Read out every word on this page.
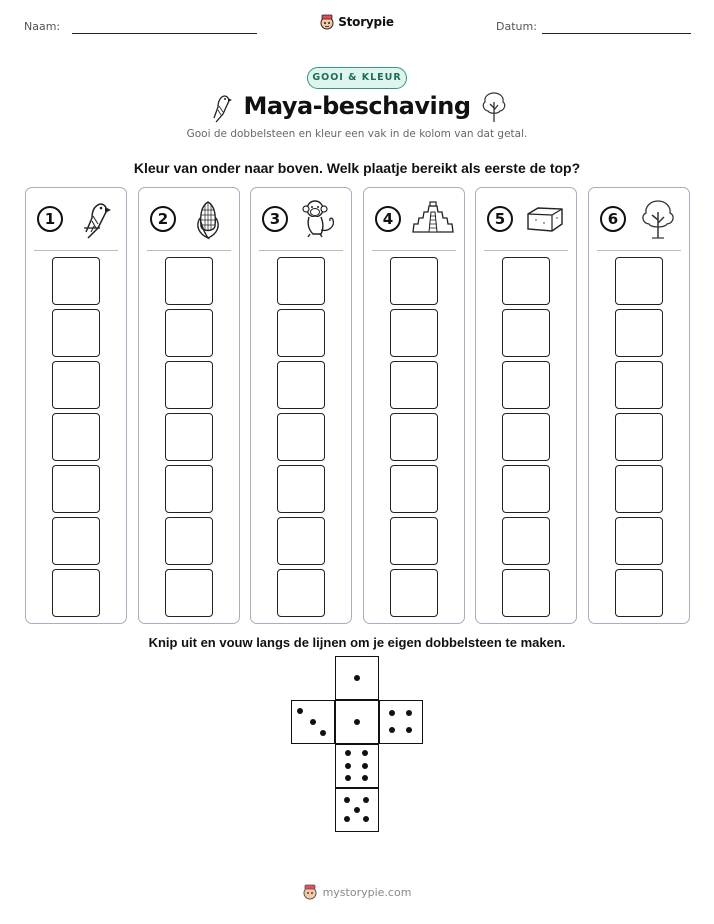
Naam:	Datum:
Storypie
GOOI & KLEUR
Maya-beschaving
Gooi de dobbelsteen en kleur een vak in de kolom van dat getal.
Kleur van onder naar boven. Welk plaatje bereikt als eerste de top?
1	2	3	4	5	6
Knip uit en vouw langs de lijnen om je eigen dobbelsteen te maken.
mystorypie.com
